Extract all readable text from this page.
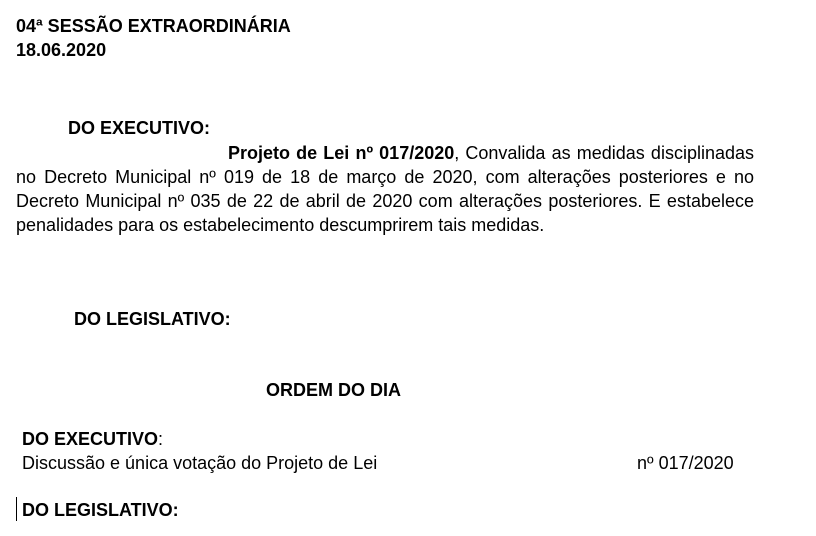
04ª SESSÃO EXTRAORDINÁRIA
18.06.2020
DO EXECUTIVO:
Projeto de Lei nº 017/2020, Convalida as medidas disciplinadas no Decreto Municipal nº 019 de 18 de março de 2020, com alterações posteriores e no Decreto Municipal nº 035 de 22 de abril de 2020 com alterações posteriores. E estabelece penalidades para os estabelecimento descumprirem tais medidas.
DO LEGISLATIVO:
ORDEM DO DIA
DO EXECUTIVO:
Discussão e única votação do Projeto de Lei	nº 017/2020
DO LEGISLATIVO:
